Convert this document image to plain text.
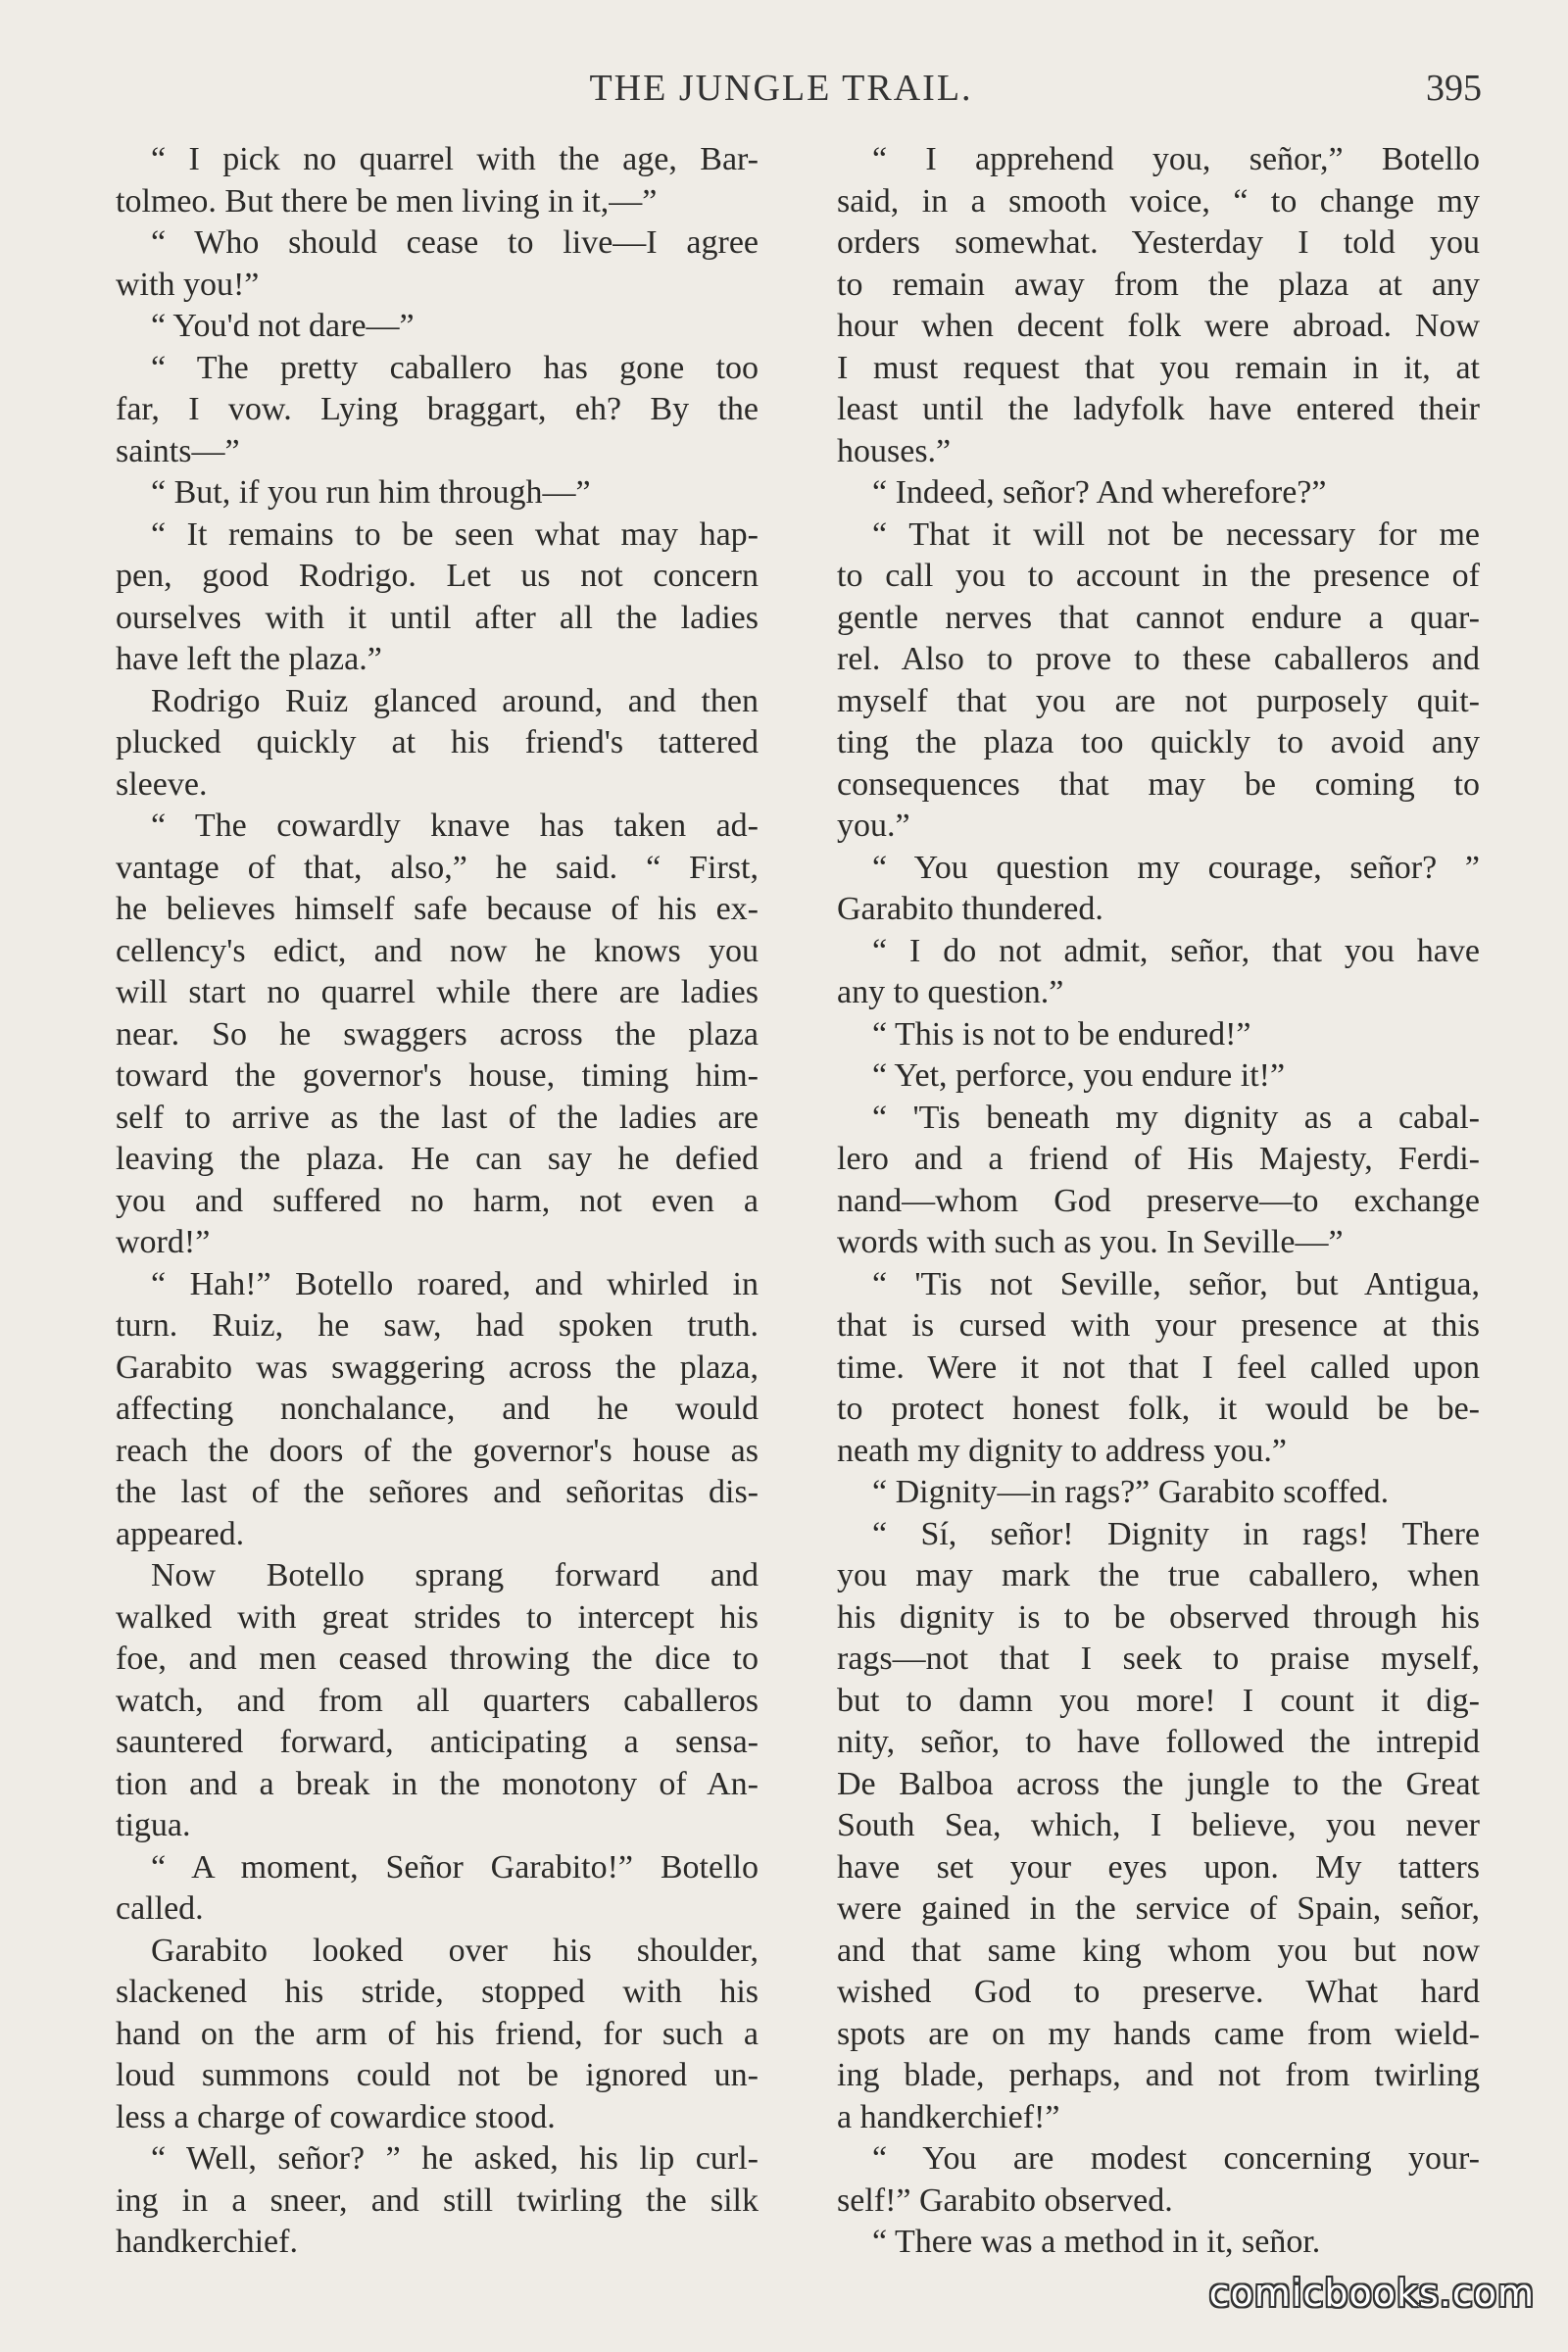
THE JUNGLE TRAIL.	395
“ I pick no quarrel with the age, Bar-
tolmeo. But there be men living in it,—”
“ Who should cease to live—I agree
with you!”
“ You'd not dare—”
“ The pretty caballero has gone too
far, I vow. Lying braggart, eh? By the
saints—”
“ But, if you run him through—”
“ It remains to be seen what may hap-
pen, good Rodrigo. Let us not concern
ourselves with it until after all the ladies
have left the plaza.”
Rodrigo Ruiz glanced around, and then
plucked quickly at his friend's tattered
sleeve.
“ The cowardly knave has taken ad-
vantage of that, also,” he said. “ First,
he believes himself safe because of his ex-
cellency's edict, and now he knows you
will start no quarrel while there are ladies
near. So he swaggers across the plaza
toward the governor's house, timing him-
self to arrive as the last of the ladies are
leaving the plaza. He can say he defied
you and suffered no harm, not even a
word!”
“ Hah!” Botello roared, and whirled in
turn. Ruiz, he saw, had spoken truth.
Garabito was swaggering across the plaza,
affecting nonchalance, and he would
reach the doors of the governor's house as
the last of the señores and señoritas dis-
appeared.
Now Botello sprang forward and
walked with great strides to intercept his
foe, and men ceased throwing the dice to
watch, and from all quarters caballeros
sauntered forward, anticipating a sensa-
tion and a break in the monotony of An-
tigua.
“ A moment, Señor Garabito!” Botello
called.
Garabito looked over his shoulder,
slackened his stride, stopped with his
hand on the arm of his friend, for such a
loud summons could not be ignored un-
less a charge of cowardice stood.
“ Well, señor? ” he asked, his lip curl-
ing in a sneer, and still twirling the silk
handkerchief.
“ I apprehend you, señor,” Botello
said, in a smooth voice, “ to change my
orders somewhat. Yesterday I told you
to remain away from the plaza at any
hour when decent folk were abroad. Now
I must request that you remain in it, at
least until the ladyfolk have entered their
houses.”
“ Indeed, señor? And wherefore?”
“ That it will not be necessary for me
to call you to account in the presence of
gentle nerves that cannot endure a quar-
rel. Also to prove to these caballeros and
myself that you are not purposely quit-
ting the plaza too quickly to avoid any
consequences that may be coming to
you.”
“ You question my courage, señor? ”
Garabito thundered.
“ I do not admit, señor, that you have
any to question.”
“ This is not to be endured!”
“ Yet, perforce, you endure it!”
“ 'Tis beneath my dignity as a cabal-
lero and a friend of His Majesty, Ferdi-
nand—whom God preserve—to exchange
words with such as you. In Seville—”
“ 'Tis not Seville, señor, but Antigua,
that is cursed with your presence at this
time. Were it not that I feel called upon
to protect honest folk, it would be be-
neath my dignity to address you.”
“ Dignity—in rags?” Garabito scoffed.
“ Sí, señor! Dignity in rags! There
you may mark the true caballero, when
his dignity is to be observed through his
rags—not that I seek to praise myself,
but to damn you more! I count it dig-
nity, señor, to have followed the intrepid
De Balboa across the jungle to the Great
South Sea, which, I believe, you never
have set your eyes upon. My tatters
were gained in the service of Spain, señor,
and that same king whom you but now
wished God to preserve. What hard
spots are on my hands came from wield-
ing blade, perhaps, and not from twirling
a handkerchief!”
“ You are modest concerning your-
self!” Garabito observed.
“ There was a method in it, señor.
comicbooks.com
